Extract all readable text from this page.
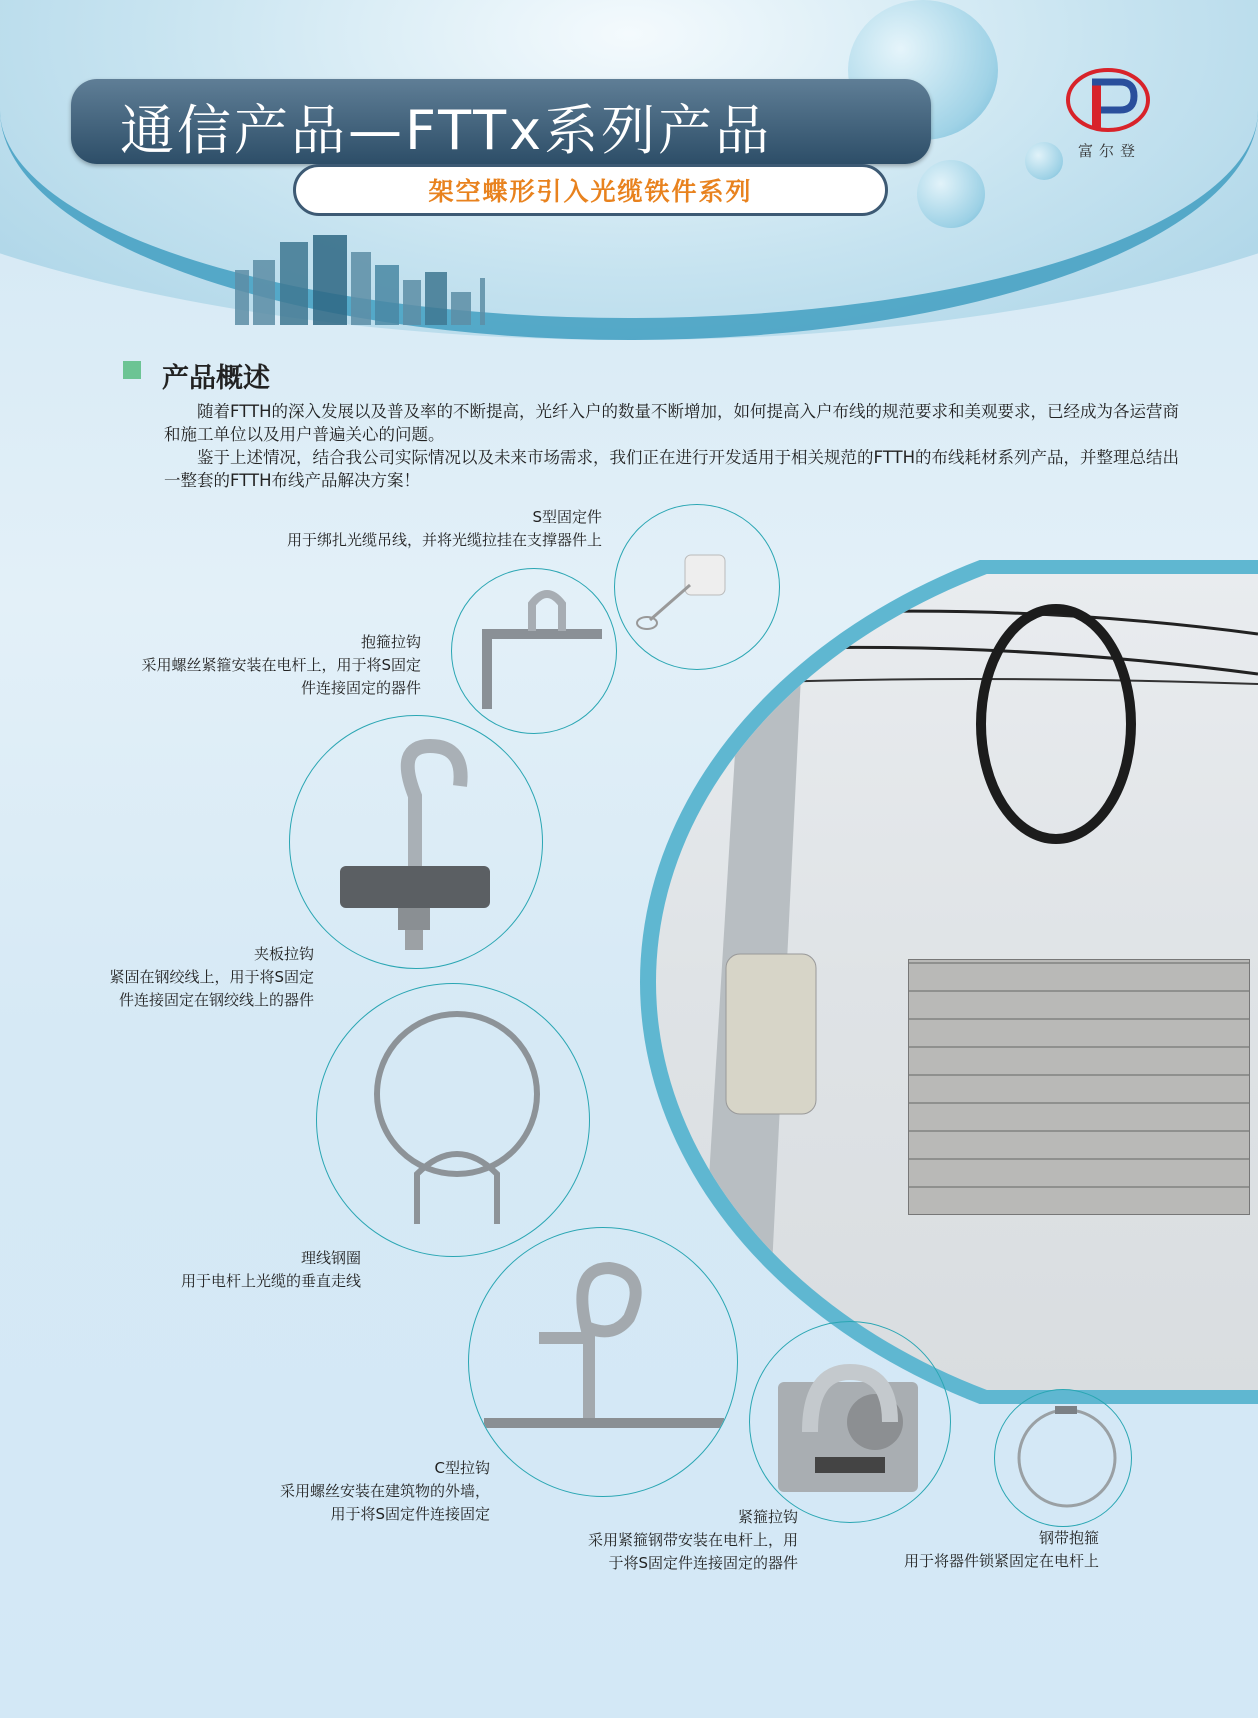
通信产品—FTTx系列产品
架空蝶形引入光缆铁件系列
富尔登
产品概述

随着FTTH的深入发展以及普及率的不断提高，光纤入户的数量不断增加，如何提高入户布线的规范要求和美观要求，已经成为各运营商和施工单位以及用户普遍关心的问题。

鉴于上述情况，结合我公司实际情况以及未来市场需求，我们正在进行开发适用于相关规范的FTTH的布线耗材系列产品，并整理总结出一整套的FTTH布线产品解决方案！

S型固定件
用于绑扎光缆吊线，并将光缆拉挂在支撑器件上
抱箍拉钩
采用螺丝紧箍安装在电杆上，用于将S固定
件连接固定的器件
夹板拉钩
紧固在钢绞线上，用于将S固定
件连接固定在钢绞线上的器件
理线钢圈
用于电杆上光缆的垂直走线
C型拉钩
采用螺丝安装在建筑物的外墙，
用于将S固定件连接固定	紧箍拉钩
采用紧箍钢带安装在电杆上，用
于将S固定件连接固定的器件
钢带抱箍
用于将器件锁紧固定在电杆上
